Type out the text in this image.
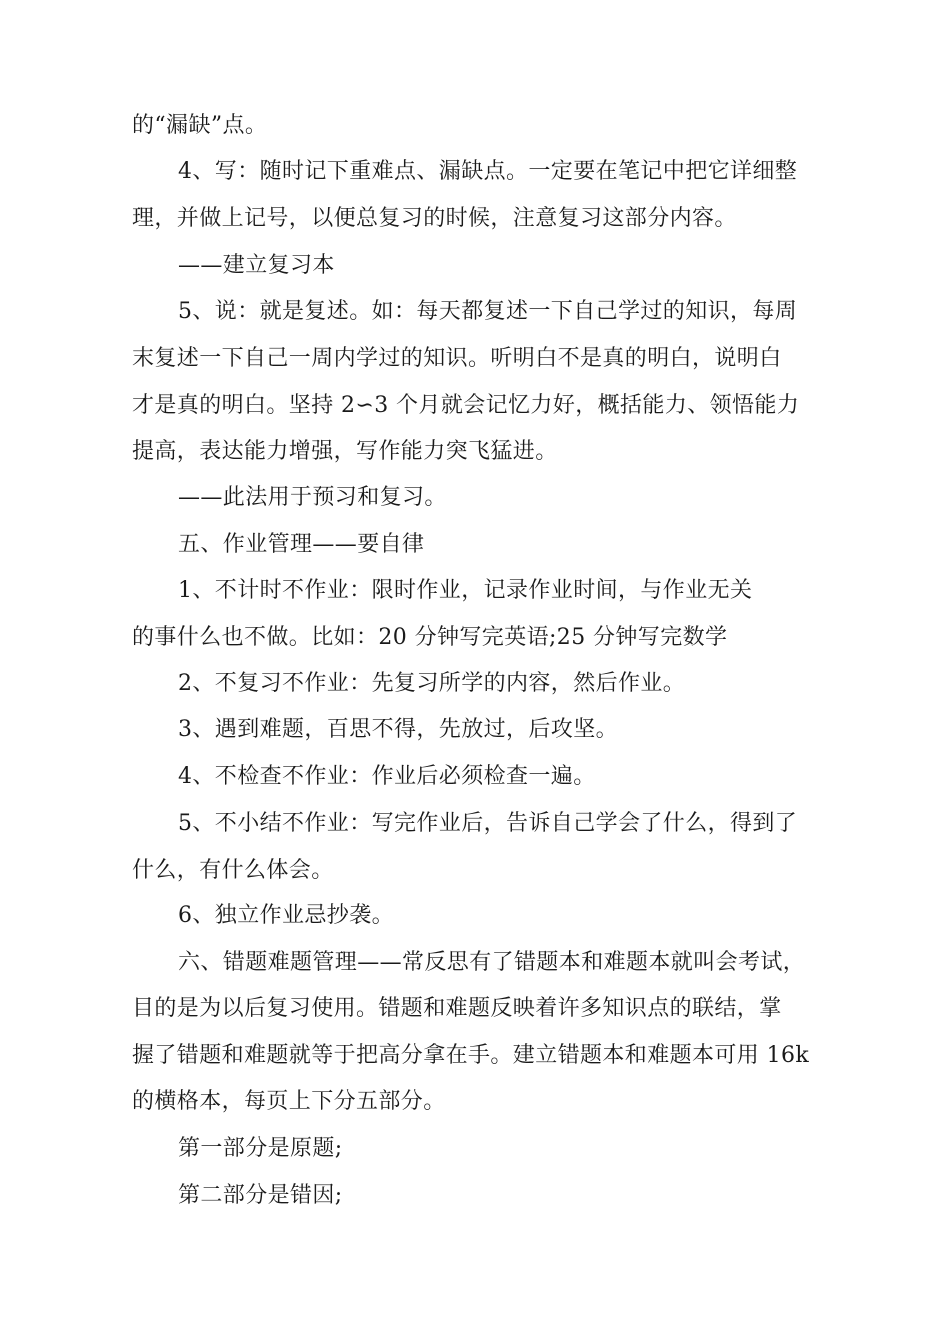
的“漏缺”点。
4、写：随时记下重难点、漏缺点。一定要在笔记中把它详细整
理，并做上记号，以便总复习的时候，注意复习这部分内容。
——建立复习本
5、说：就是复述。如：每天都复述一下自己学过的知识，每周
末复述一下自己一周内学过的知识。听明白不是真的明白，说明白
才是真的明白。坚持 2∽3 个月就会记忆力好，概括能力、领悟能力
提高，表达能力增强，写作能力突飞猛进。
——此法用于预习和复习。
五、作业管理——要自律
1、不计时不作业：限时作业，记录作业时间，与作业无关
的事什么也不做。比如：20 分钟写完英语;25 分钟写完数学
2、不复习不作业：先复习所学的内容，然后作业。
3、遇到难题，百思不得，先放过，后攻坚。
4、不检查不作业：作业后必须检查一遍。
5、不小结不作业：写完作业后，告诉自己学会了什么，得到了
什么，有什么体会。
6、独立作业忌抄袭。
六、错题难题管理——常反思有了错题本和难题本就叫会考试，
目的是为以后复习使用。错题和难题反映着许多知识点的联结，掌
握了错题和难题就等于把高分拿在手。建立错题本和难题本可用 16k
的横格本，每页上下分五部分。
第一部分是原题;
第二部分是错因;
